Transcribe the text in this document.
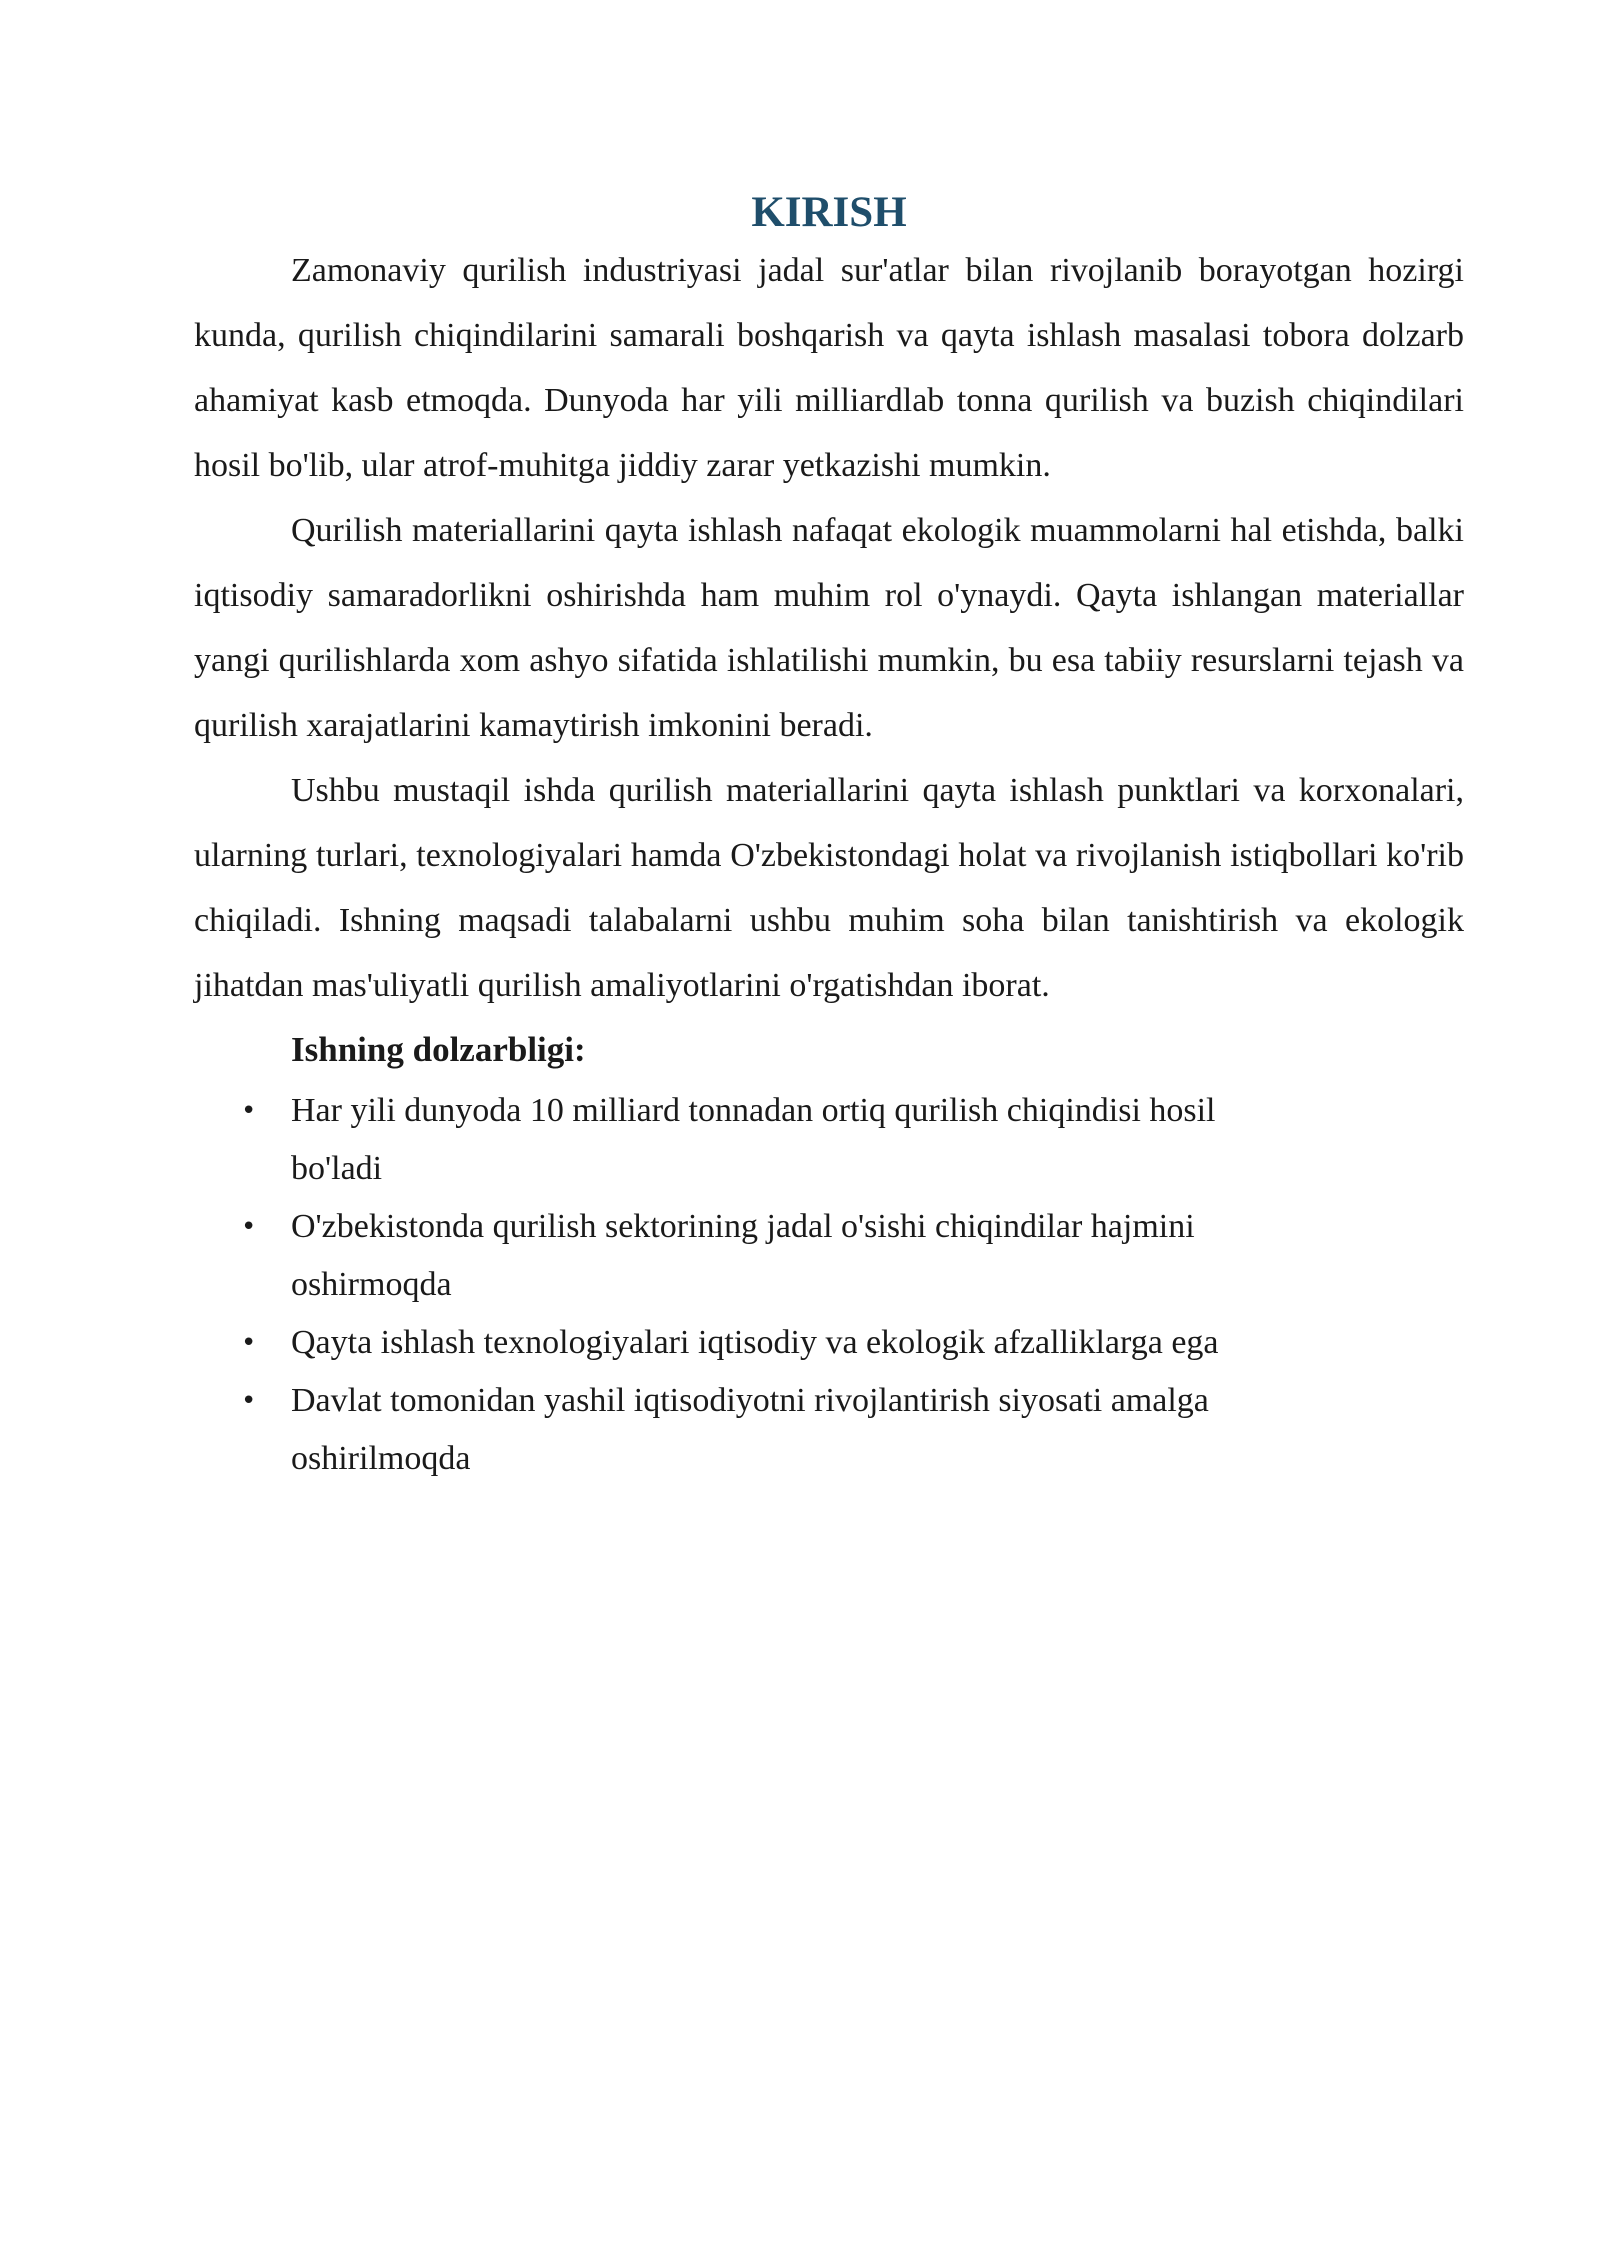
KIRISH

Zamonaviy qurilish industriyasi jadal sur'atlar bilan rivojlanib borayotgan hozirgi kunda, qurilish chiqindilarini samarali boshqarish va qayta ishlash masalasi tobora dolzarb ahamiyat kasb etmoqda. Dunyoda har yili milliardlab tonna qurilish va buzish chiqindilari hosil bo'lib, ular atrof-muhitga jiddiy zarar yetkazishi mumkin.

Qurilish materiallarini qayta ishlash nafaqat ekologik muammolarni hal etishda, balki iqtisodiy samaradorlikni oshirishda ham muhim rol o'ynaydi. Qayta ishlangan materiallar yangi qurilishlarda xom ashyo sifatida ishlatilishi mumkin, bu esa tabiiy resurslarni tejash va qurilish xarajatlarini kamaytirish imkonini beradi.

Ushbu mustaqil ishda qurilish materiallarini qayta ishlash punktlari va korxonalari, ularning turlari, texnologiyalari hamda O'zbekistondagi holat va rivojlanish istiqbollari ko'rib chiqiladi. Ishning maqsadi talabalarni ushbu muhim soha bilan tanishtirish va ekologik jihatdan mas'uliyatli qurilish amaliyotlarini o'rgatishdan iborat.

Ishning dolzarbligi:

• Har yili dunyoda 10 milliard tonnadan ortiq qurilish chiqindisi hosil bo'ladi
• O'zbekistonda qurilish sektorining jadal o'sishi chiqindilar hajmini oshirmoqda
• Qayta ishlash texnologiyalari iqtisodiy va ekologik afzalliklarga ega
• Davlat tomonidan yashil iqtisodiyotni rivojlantirish siyosati amalga oshirilmoqda
